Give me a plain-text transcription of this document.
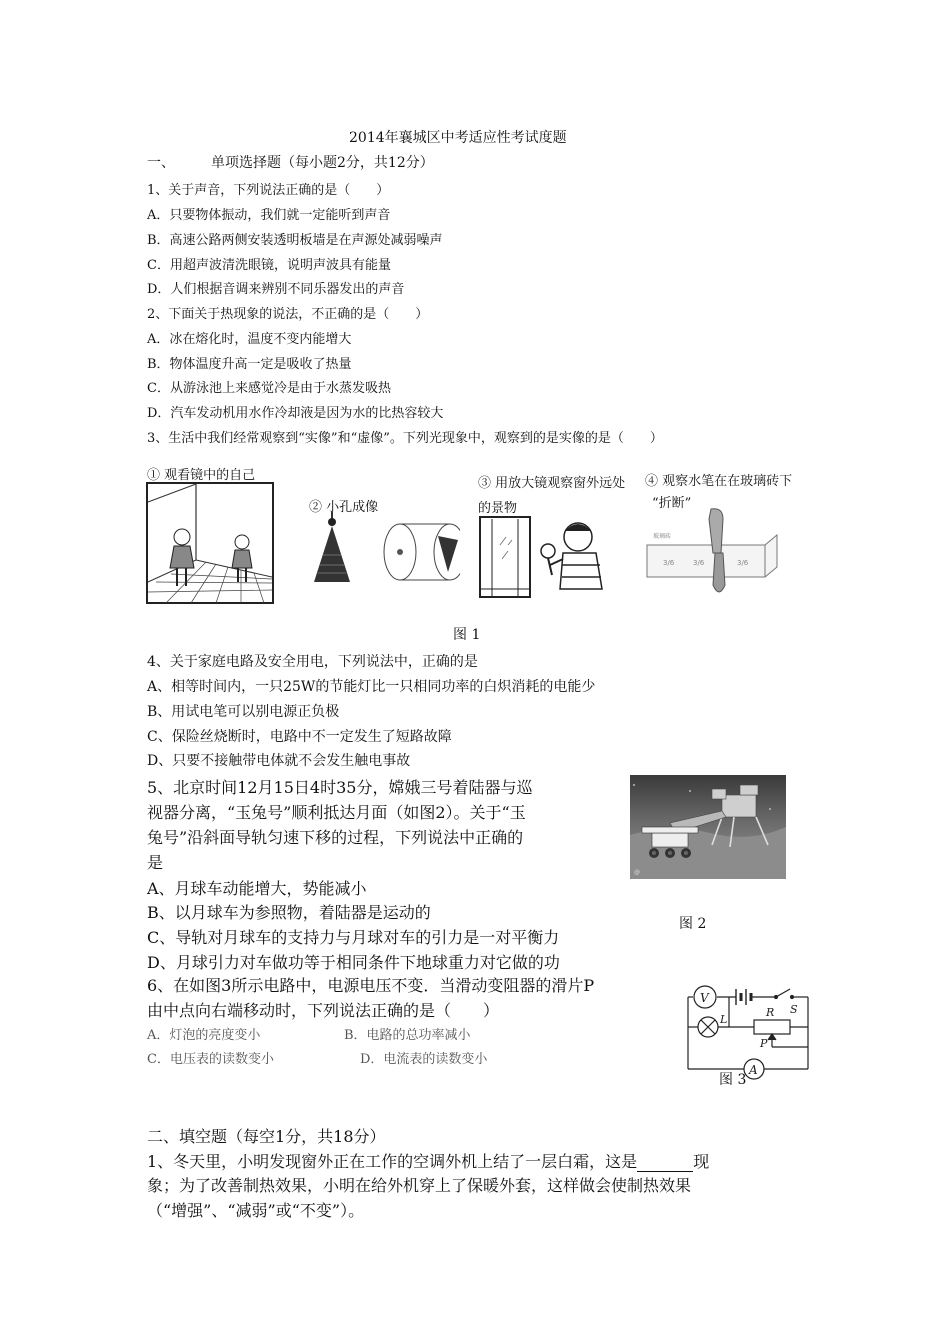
2014年襄城区中考适应性考试度题
一、	单项选择题（每小题2分，共12分）
1、关于声音，下列说法正确的是（　　）
A．只要物体振动，我们就一定能听到声音
B．高速公路两侧安装透明板墙是在声源处减弱噪声
C．用超声波清洗眼镜，说明声波具有能量
D．人们根据音调来辨别不同乐器发出的声音
2、下面关于热现象的说法，不正确的是（　　）
A．冰在熔化时，温度不变内能增大
B．物体温度升高一定是吸收了热量
C．从游泳池上来感觉冷是由于水蒸发吸热
D．汽车发动机用水作冷却液是因为水的比热容较大
3、生活中我们经常观察到“实像”和“虚像”。下列光现象中，观察到的是实像的是（　　）
① 观看镜中的自己
② 小孔成像
③ 用放大镜观察窗外远处
的景物
④ 观察水笔在在玻璃砖下
“折断”
玻璃砖
3/6	3/6	3/6
图 1
4、关于家庭电路及安全用电，下列说法中，正确的是
A、相等时间内，一只25W的节能灯比一只相同功率的白炽消耗的电能少
B、用试电笔可以别电源正负极
C、保险丝烧断时，电路中不一定发生了短路故障
D、只要不接触带电体就不会发生触电事故
5、北京时间12月15日4时35分，嫦娥三号着陆器与巡
视器分离，“玉兔号”顺利抵达月面（如图2）。关于“玉
兔号”沿斜面导轨匀速下移的过程，下列说法中正确的
是
A、月球车动能增大，势能减小
B、以月球车为参照物，着陆器是运动的
C、导轨对月球车的支持力与月球对车的引力是一对平衡力
D、月球引力对车做功等于相同条件下地球重力对它做的功
@
图 2
6、在如图3所示电路中，电源电压不变．当滑动变阻器的滑片P
由中点向右端移动时，下列说法正确的是（　　）
A．灯泡的亮度变小	B．电路的总功率减小
C．电压表的读数变小	D．电流表的读数变小
V
L
R
P
S
A
图 3
二、填空题（每空1分，共18分）
1、冬天里，小明发现窗外正在工作的空调外机上结了一层白霜，这是	现
象；为了改善制热效果，小明在给外机穿上了保暖外套，这样做会使制热效果
（“增强”、“减弱”或“不变”）。
